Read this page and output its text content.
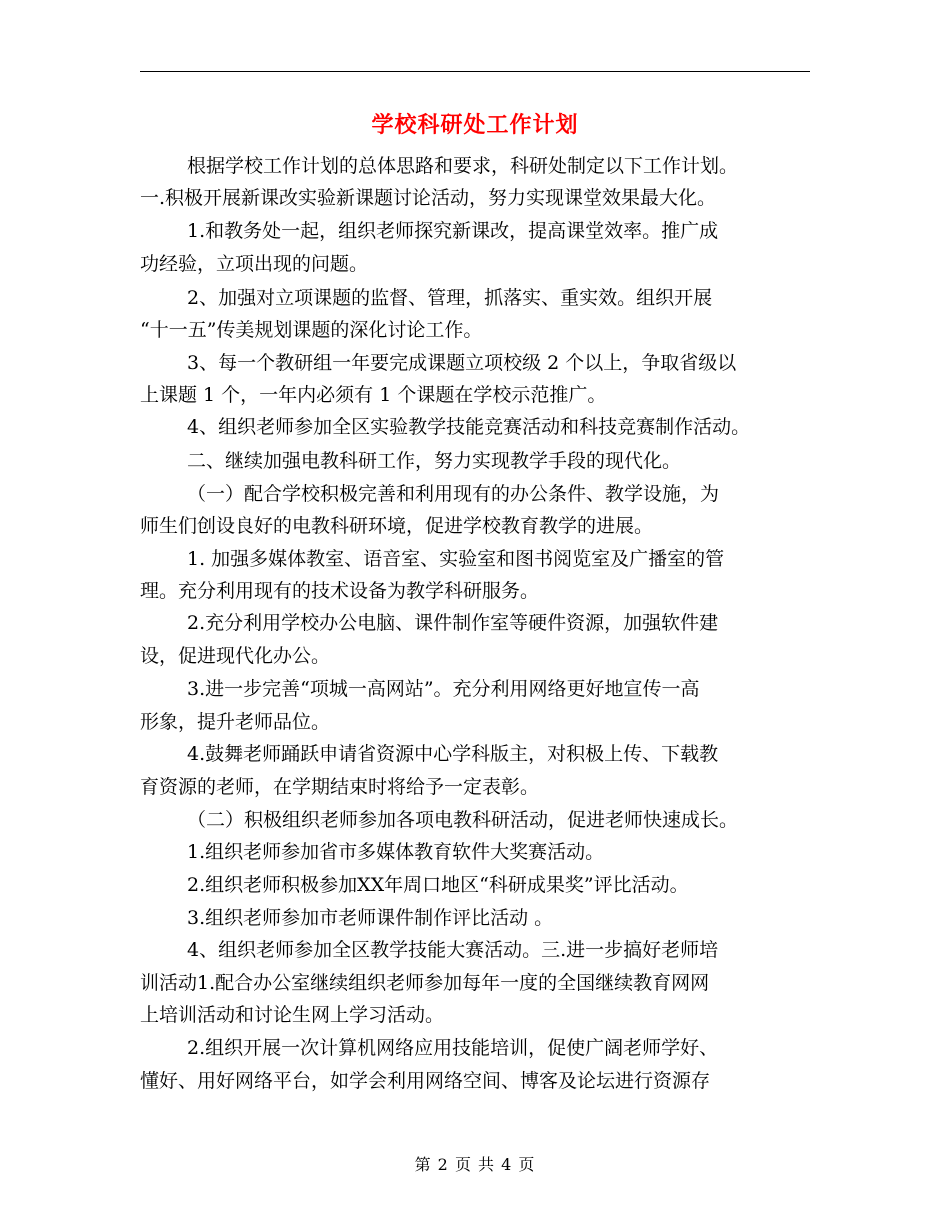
学校科研处工作计划
根据学校工作计划的总体思路和要求，科研处制定以下工作计划。
一.积极开展新课改实验新课题讨论活动，努力实现课堂效果最大化。
1.和教务处一起，组织老师探究新课改，提高课堂效率。推广成
功经验，立项出现的问题。
2、加强对立项课题的监督、管理，抓落实、重实效。组织开展
“十一五”传美规划课题的深化讨论工作。
3、每一个教研组一年要完成课题立项校级 2 个以上，争取省级以
上课题 1 个，一年内必须有 1 个课题在学校示范推广。
4、组织老师参加全区实验教学技能竞赛活动和科技竞赛制作活动。
二、继续加强电教科研工作，努力实现教学手段的现代化。
（一）配合学校积极完善和利用现有的办公条件、教学设施，为
师生们创设良好的电教科研环境，促进学校教育教学的进展。
1. 加强多媒体教室、语音室、实验室和图书阅览室及广播室的管
理。充分利用现有的技术设备为教学科研服务。
2.充分利用学校办公电脑、课件制作室等硬件资源，加强软件建
设，促进现代化办公。
3.进一步完善“项城一高网站”。充分利用网络更好地宣传一高
形象，提升老师品位。
4.鼓舞老师踊跃申请省资源中心学科版主，对积极上传、下载教
育资源的老师，在学期结束时将给予一定表彰。
（二）积极组织老师参加各项电教科研活动，促进老师快速成长。
1.组织老师参加省市多媒体教育软件大奖赛活动。
2.组织老师积极参加XX年周口地区“科研成果奖”评比活动。
3.组织老师参加市老师课件制作评比活动 。
4、组织老师参加全区教学技能大赛活动。三.进一步搞好老师培
训活动1.配合办公室继续组织老师参加每年一度的全国继续教育网网
上培训活动和讨论生网上学习活动。
2.组织开展一次计算机网络应用技能培训，促使广阔老师学好、
懂好、用好网络平台，如学会利用网络空间、博客及论坛进行资源存
第 2 页 共 4 页
